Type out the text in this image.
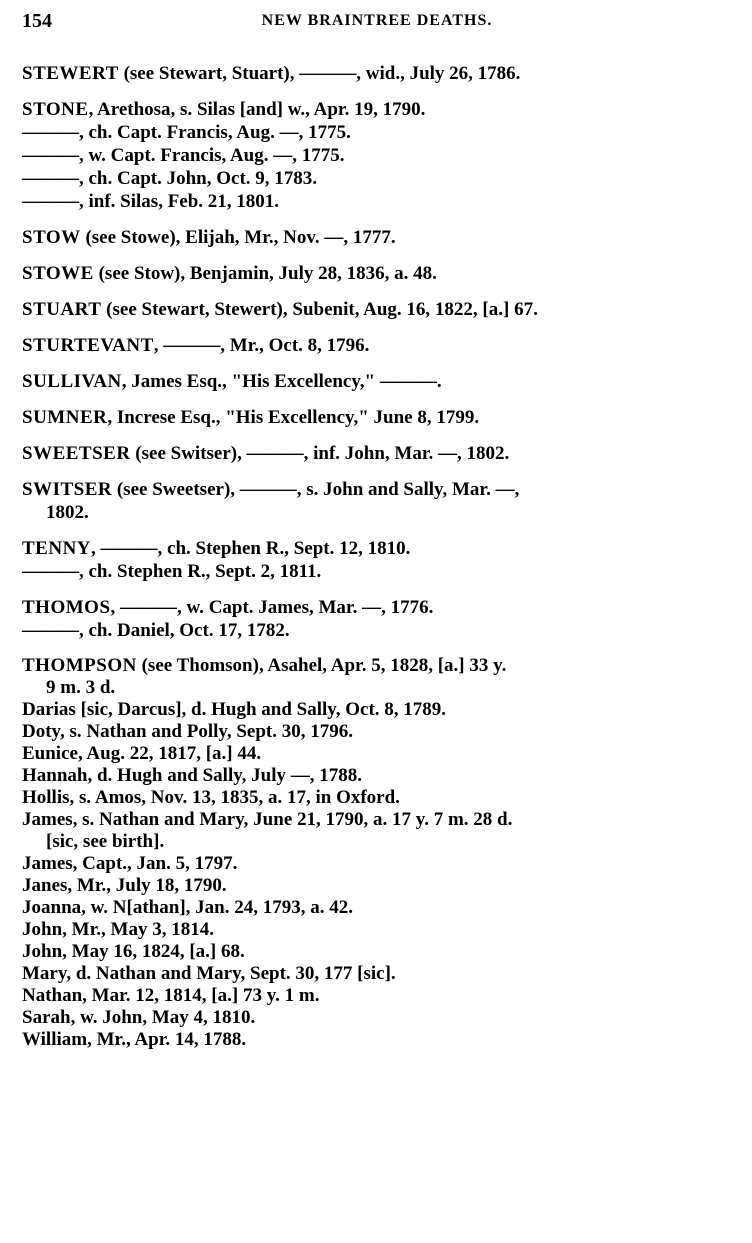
154	NEW BRAINTREE DEATHS.
STEWERT (see Stewart, Stuart), ———, wid., July 26, 1786.
STONE, Arethosa, s. Silas [and] w., Apr. 19, 1790.
———, ch. Capt. Francis, Aug. —, 1775.
———, w. Capt. Francis, Aug. —, 1775.
———, ch. Capt. John, Oct. 9, 1783.
———, inf. Silas, Feb. 21, 1801.
STOW (see Stowe), Elijah, Mr., Nov. —, 1777.
STOWE (see Stow), Benjamin, July 28, 1836, a. 48.
STUART (see Stewart, Stewert), Subenit, Aug. 16, 1822, [a.] 67.
STURTEVANT, ———, Mr., Oct. 8, 1796.
SULLIVAN, James Esq., "His Excellency," ———.
SUMNER, Increse Esq., "His Excellency," June 8, 1799.
SWEETSER (see Switser), ———, inf. John, Mar. —, 1802.
SWITSER (see Sweetser), ———, s. John and Sally, Mar. —,
1802.
TENNY, ———, ch. Stephen R., Sept. 12, 1810.
———, ch. Stephen R., Sept. 2, 1811.
THOMOS, ———, w. Capt. James, Mar. —, 1776.
———, ch. Daniel, Oct. 17, 1782.
THOMPSON (see Thomson), Asahel, Apr. 5, 1828, [a.] 33 y.
9 m. 3 d.
Darias [sic, Darcus], d. Hugh and Sally, Oct. 8, 1789.
Doty, s. Nathan and Polly, Sept. 30, 1796.
Eunice, Aug. 22, 1817, [a.] 44.
Hannah, d. Hugh and Sally, July —, 1788.
Hollis, s. Amos, Nov. 13, 1835, a. 17, in Oxford.
James, s. Nathan and Mary, June 21, 1790, a. 17 y. 7 m. 28 d.
[sic, see birth].
James, Capt., Jan. 5, 1797.
Janes, Mr., July 18, 1790.
Joanna, w. N[athan], Jan. 24, 1793, a. 42.
John, Mr., May 3, 1814.
John, May 16, 1824, [a.] 68.
Mary, d. Nathan and Mary, Sept. 30, 177 [sic].
Nathan, Mar. 12, 1814, [a.] 73 y. 1 m.
Sarah, w. John, May 4, 1810.
William, Mr., Apr. 14, 1788.
